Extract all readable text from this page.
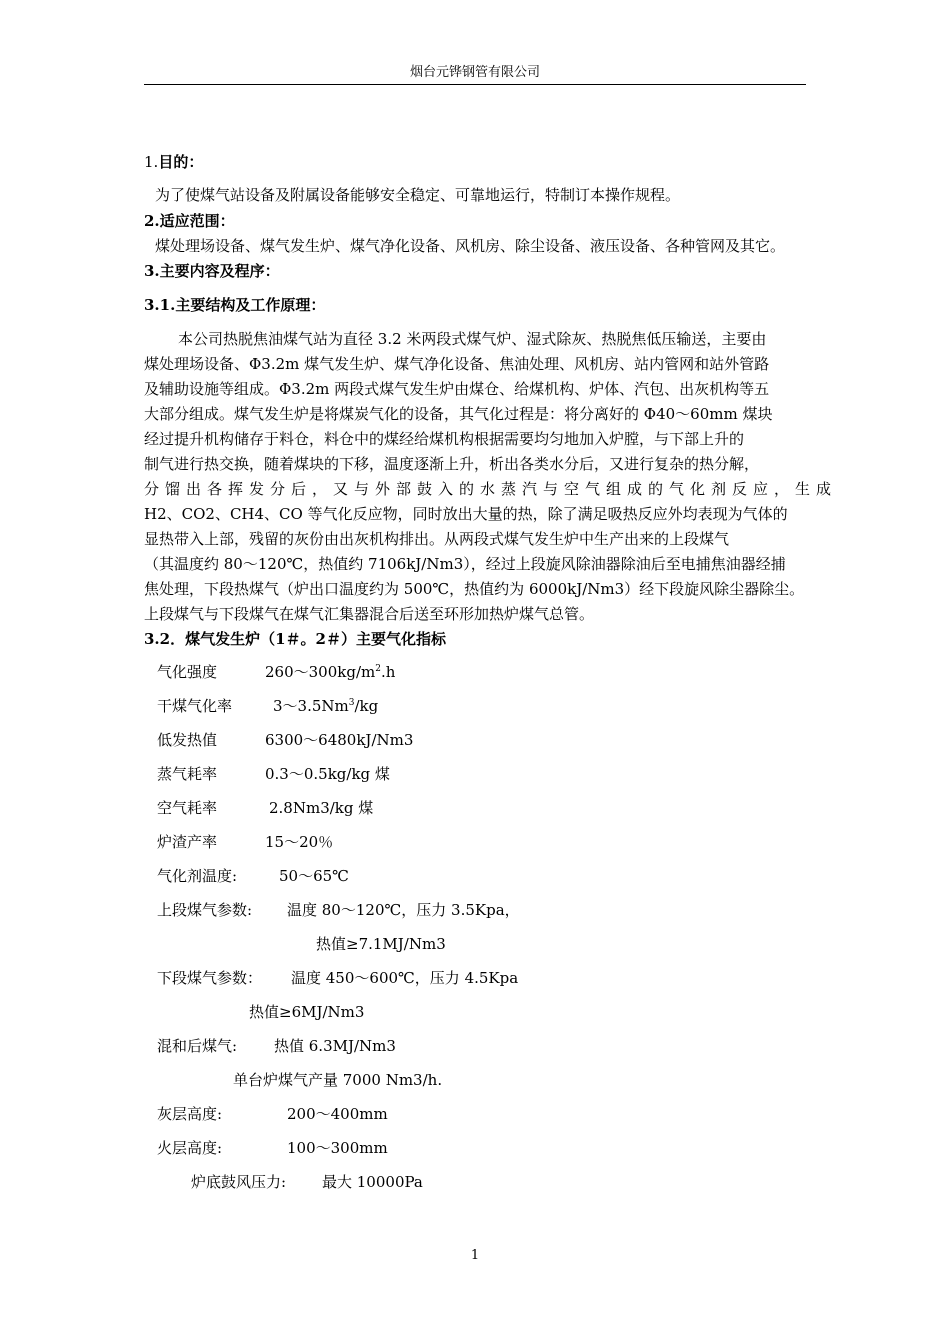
烟台元铧钢管有限公司
1.目的：
为了使煤气站设备及附属设备能够安全稳定、可靠地运行，特制订本操作规程。
2.适应范围：
煤处理场设备、煤气发生炉、煤气净化设备、风机房、除尘设备、液压设备、各种管网及其它。
3.主要内容及程序：
3.1.主要结构及工作原理：
本公司热脱焦油煤气站为直径 3.2 米两段式煤气炉、湿式除灰、热脱焦低压输送，主要由
煤处理场设备、Φ3.2m 煤气发生炉、煤气净化设备、焦油处理、风机房、站内管网和站外管路
及辅助设施等组成。Φ3.2m 两段式煤气发生炉由煤仓、给煤机构、炉体、汽包、出灰机构等五
大部分组成。煤气发生炉是将煤炭气化的设备，其气化过程是：将分离好的 Φ40～60mm 煤块
经过提升机构储存于料仓，料仓中的煤经给煤机构根据需要均匀地加入炉膛，与下部上升的
制气进行热交换，随着煤块的下移，温度逐渐上升，析出各类水分后，又进行复杂的热分解，
分馏出各挥发分后，又与外部鼓入的水蒸汽与空气组成的气化剂反应，生成
H2、CO2、CH4、CO 等气化反应物，同时放出大量的热，除了满足吸热反应外均表现为气体的
显热带入上部，残留的灰份由出灰机构排出。从两段式煤气发生炉中生产出来的上段煤气
（其温度约 80～120℃，热值约 7106kJ/Nm3），经过上段旋风除油器除油后至电捕焦油器经捕
焦处理，下段热煤气（炉出口温度约为 500℃，热值约为 6000kJ/Nm3）经下段旋风除尘器除尘。
上段煤气与下段煤气在煤气汇集器混合后送至环形加热炉煤气总管。
3.2．煤气发生炉（1＃。2＃）主要气化指标
气化强度	$260\sim 300kg/m^2.h$
干煤气化率	3～3.5Nm$^3$/kg
低发热值	6300～6480kJ/Nm3
蒸气耗率	0.3～0.5kg/kg 煤
空气耗率	2.8Nm3/kg 煤
炉渣产率	15～20％
气化剂温度:	50～65℃
上段煤气参数: 温度 80～120℃，压力 3.5Kpa，
热值≥7.1MJ/Nm3
下段煤气参数： 温度 450～600℃，压力 4.5Kpa
热值≥6MJ/Nm3
混和后煤气: 热值 6.3MJ/Nm3
单台炉煤气产量 7000 Nm3/h.
灰层高度:	200～400mm
火层高度:	100～300mm
炉底鼓风压力: 最大 10000Pa
1
